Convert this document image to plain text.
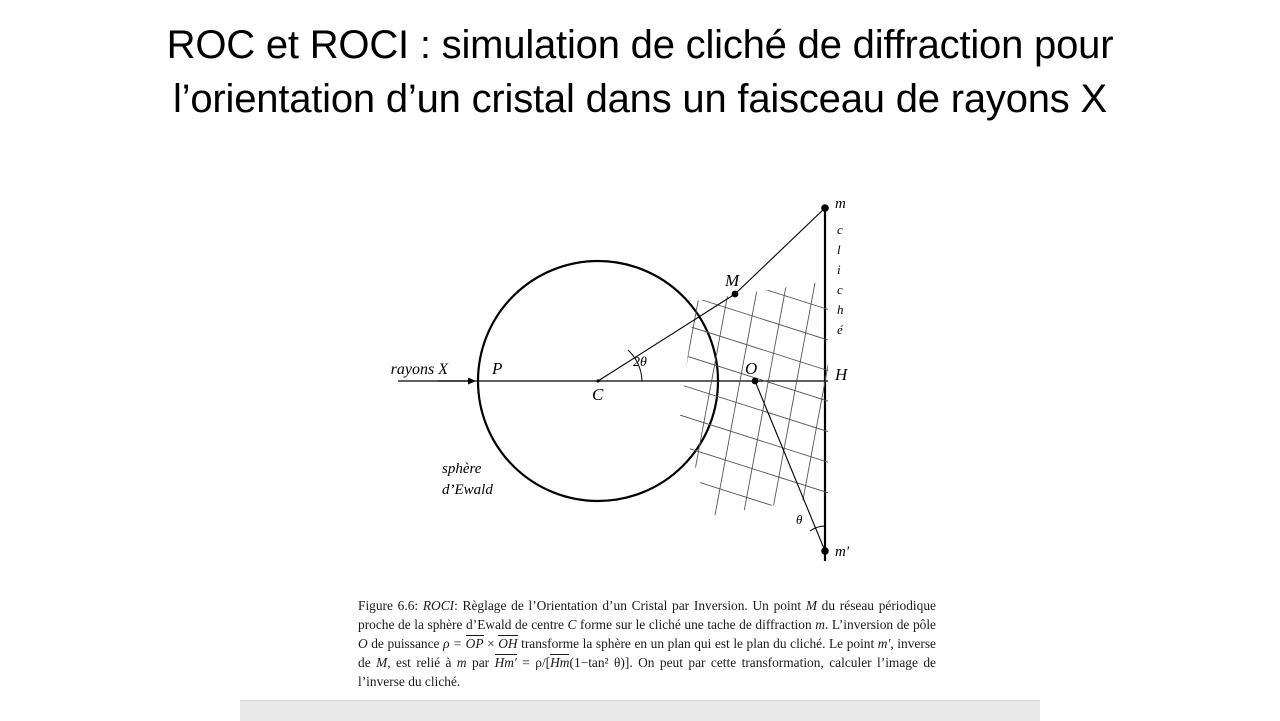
ROC et ROCI : simulation de cliché de diffraction pour l’orientation d’un cristal dans un faisceau de rayons X
rayons X	P
C
O
M
H
m
m′
2θ
θ
sphère
d’Ewald
c
l
i
c
h
é
Figure 6.6: ROCI: Règlage de l’Orientation d’un Cristal par Inversion. Un point M du réseau périodique proche de la sphère d’Ewald de centre C forme sur le cliché une tache de diffraction m. L’inversion de pôle O de puissance ρ = OP × OH transforme la sphère en un plan qui est le plan du cliché. Le point m′, inverse de M, est relié à m par Hm′ = ρ/[Hm(1−tan² θ)]. On peut par cette transformation, calculer l’image de l’inverse du cliché.
